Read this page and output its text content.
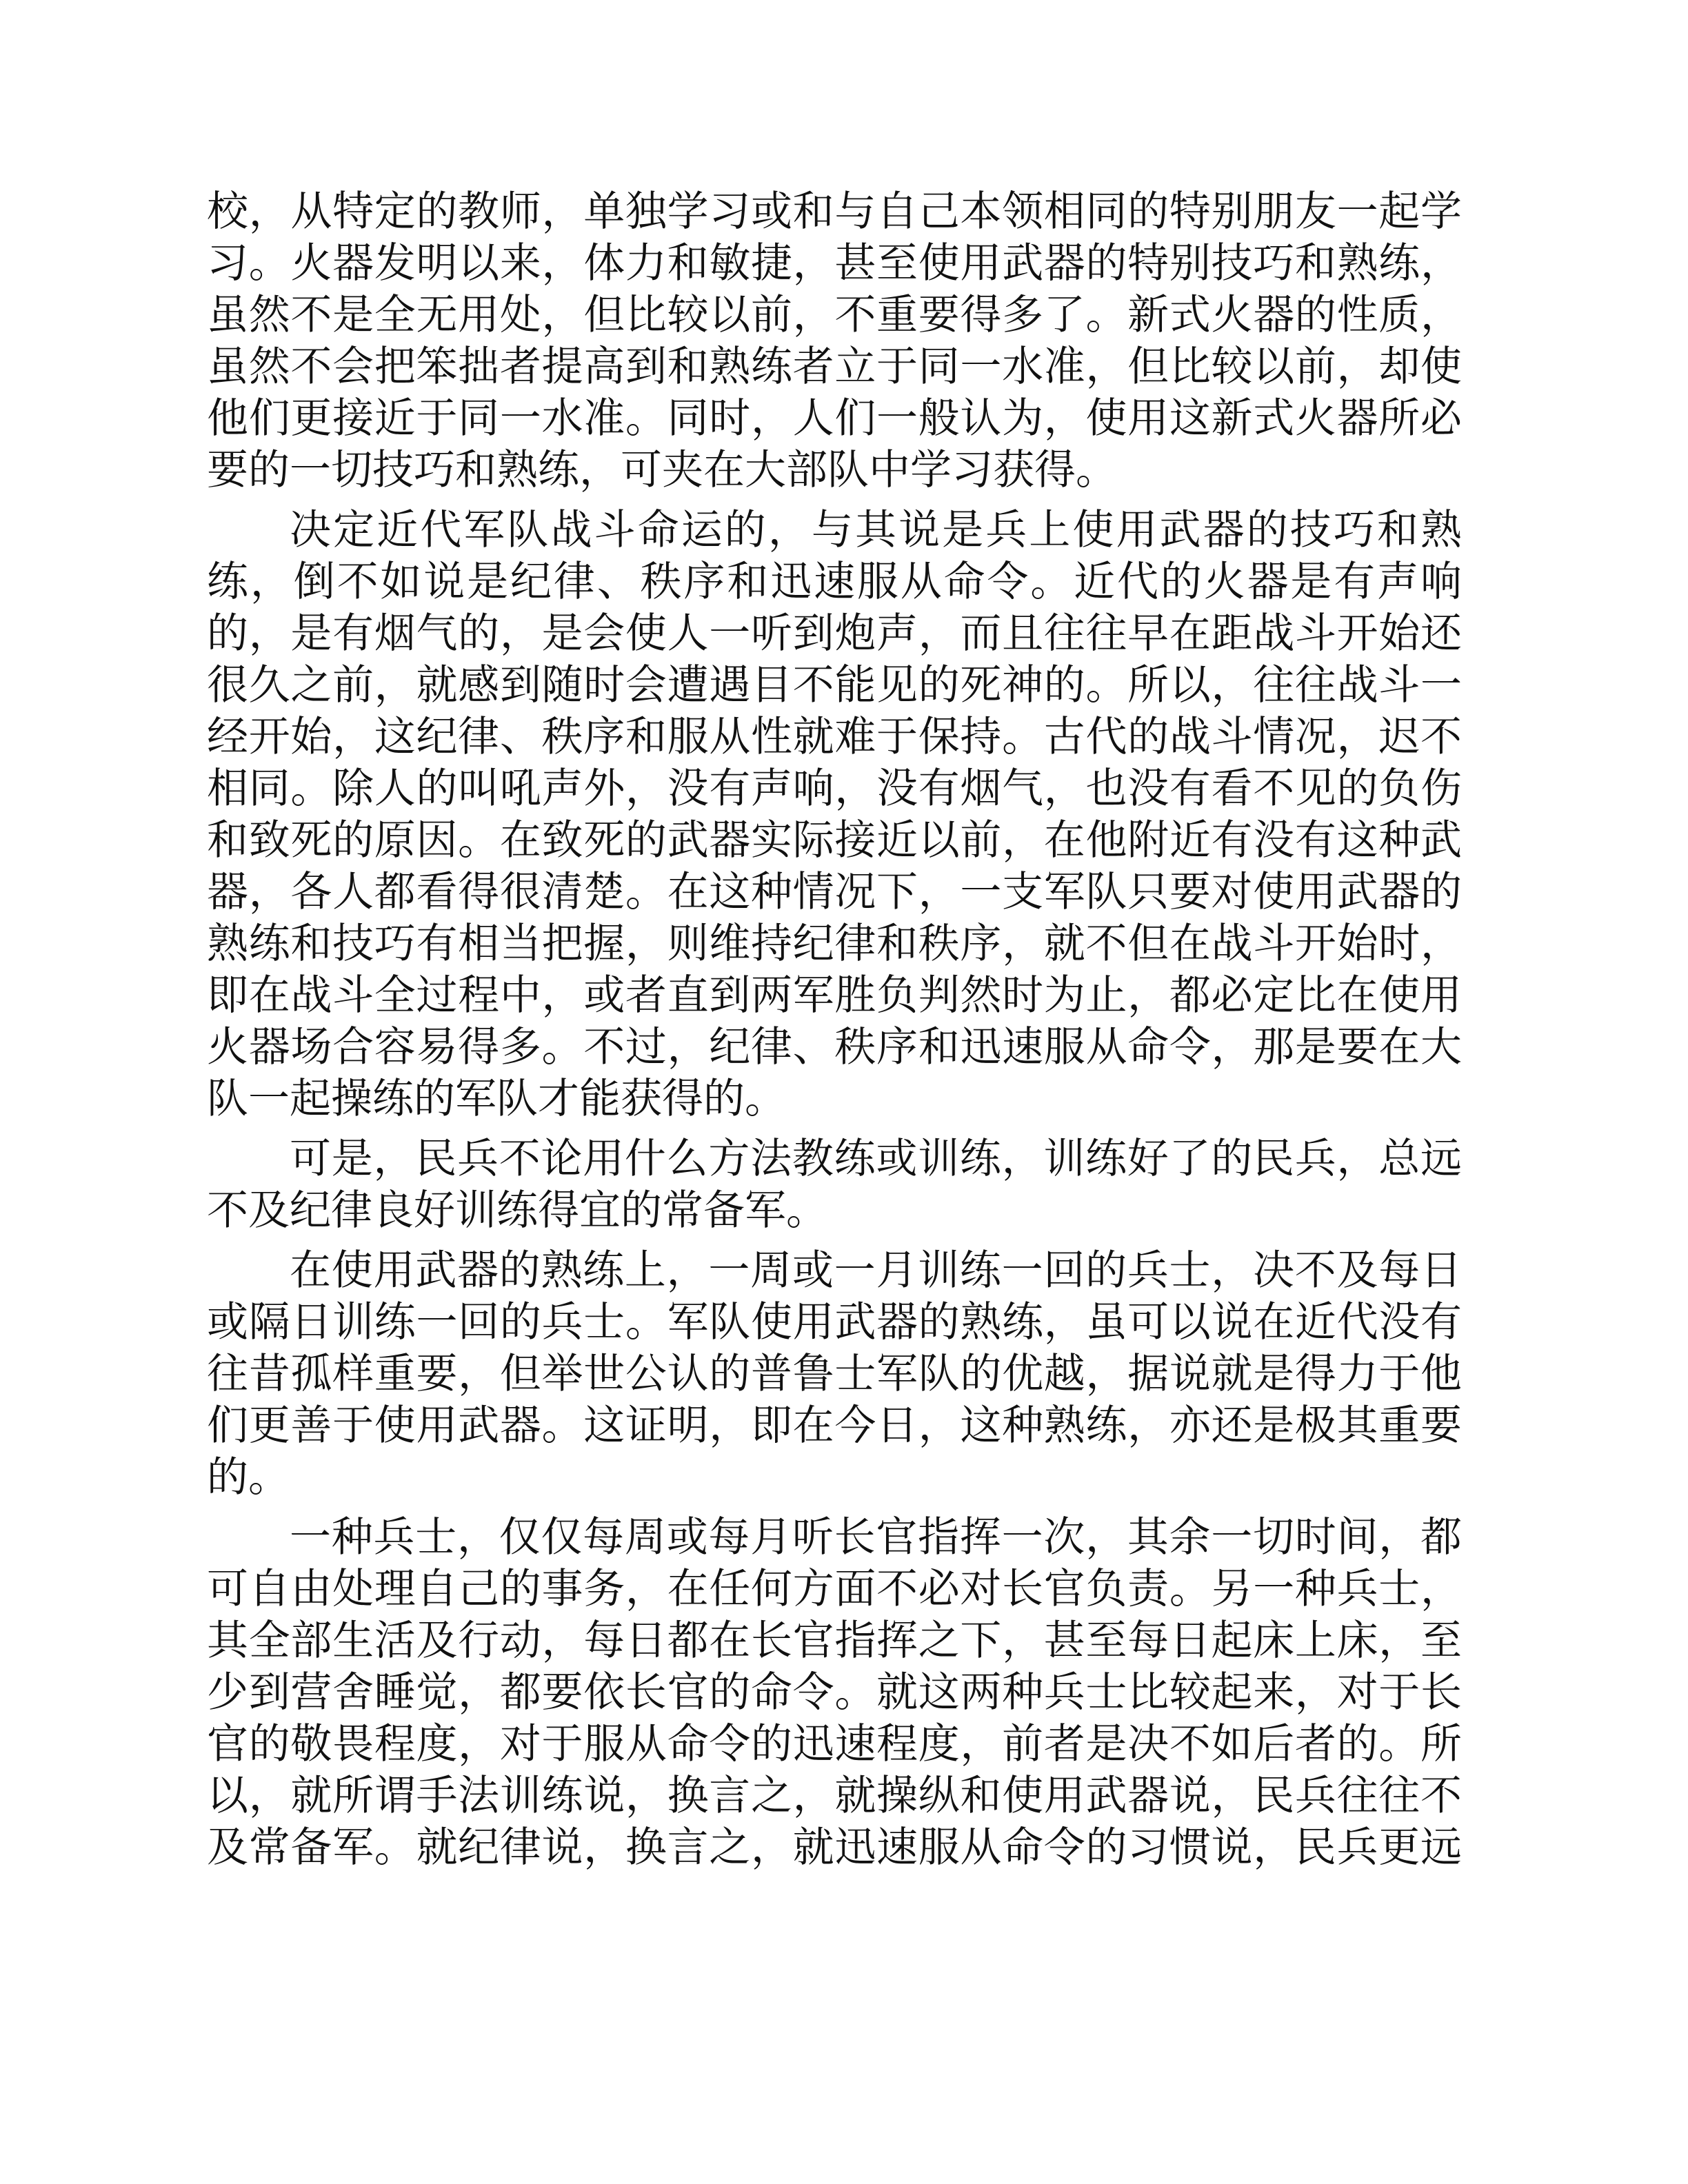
校，从特定的教师，单独学习或和与自己本领相同的特别朋友一起学
习。火器发明以来，体力和敏捷，甚至使用武器的特别技巧和熟练，
虽然不是全无用处，但比较以前，不重要得多了。新式火器的性质，
虽然不会把笨拙者提高到和熟练者立于同一水准，但比较以前，却使
他们更接近于同一水准。同时，人们一般认为，使用这新式火器所必
要的一切技巧和熟练，可夹在大部队中学习获得。
决定近代军队战斗命运的，与其说是兵上使用武器的技巧和熟
练，倒不如说是纪律、秩序和迅速服从命令。近代的火器是有声响
的，是有烟气的，是会使人一听到炮声，而且往往早在距战斗开始还
很久之前，就感到随时会遭遇目不能见的死神的。所以，往往战斗一
经开始，这纪律、秩序和服从性就难于保持。古代的战斗情况，迟不
相同。除人的叫吼声外，没有声响，没有烟气，也没有看不见的负伤
和致死的原因。在致死的武器实际接近以前，在他附近有没有这种武
器，各人都看得很清楚。在这种情况下，一支军队只要对使用武器的
熟练和技巧有相当把握，则维持纪律和秩序，就不但在战斗开始时，
即在战斗全过程中，或者直到两军胜负判然时为止，都必定比在使用
火器场合容易得多。不过，纪律、秩序和迅速服从命令，那是要在大
队一起操练的军队才能获得的。
可是，民兵不论用什么方法教练或训练，训练好了的民兵，总远
不及纪律良好训练得宜的常备军。
在使用武器的熟练上，一周或一月训练一回的兵士，决不及每日
或隔日训练一回的兵士。军队使用武器的熟练，虽可以说在近代没有
往昔孤样重要，但举世公认的普鲁士军队的优越，据说就是得力于他
们更善于使用武器。这证明，即在今日，这种熟练，亦还是极其重要
的。
一种兵士，仅仅每周或每月听长官指挥一次，其余一切时间，都
可自由处理自己的事务，在任何方面不必对长官负责。另一种兵士，
其全部生活及行动，每日都在长官指挥之下，甚至每日起床上床，至
少到营舍睡觉，都要依长官的命令。就这两种兵士比较起来，对于长
官的敬畏程度，对于服从命令的迅速程度，前者是决不如后者的。所
以，就所谓手法训练说，换言之，就操纵和使用武器说，民兵往往不
及常备军。就纪律说，换言之，就迅速服从命令的习惯说，民兵更远
